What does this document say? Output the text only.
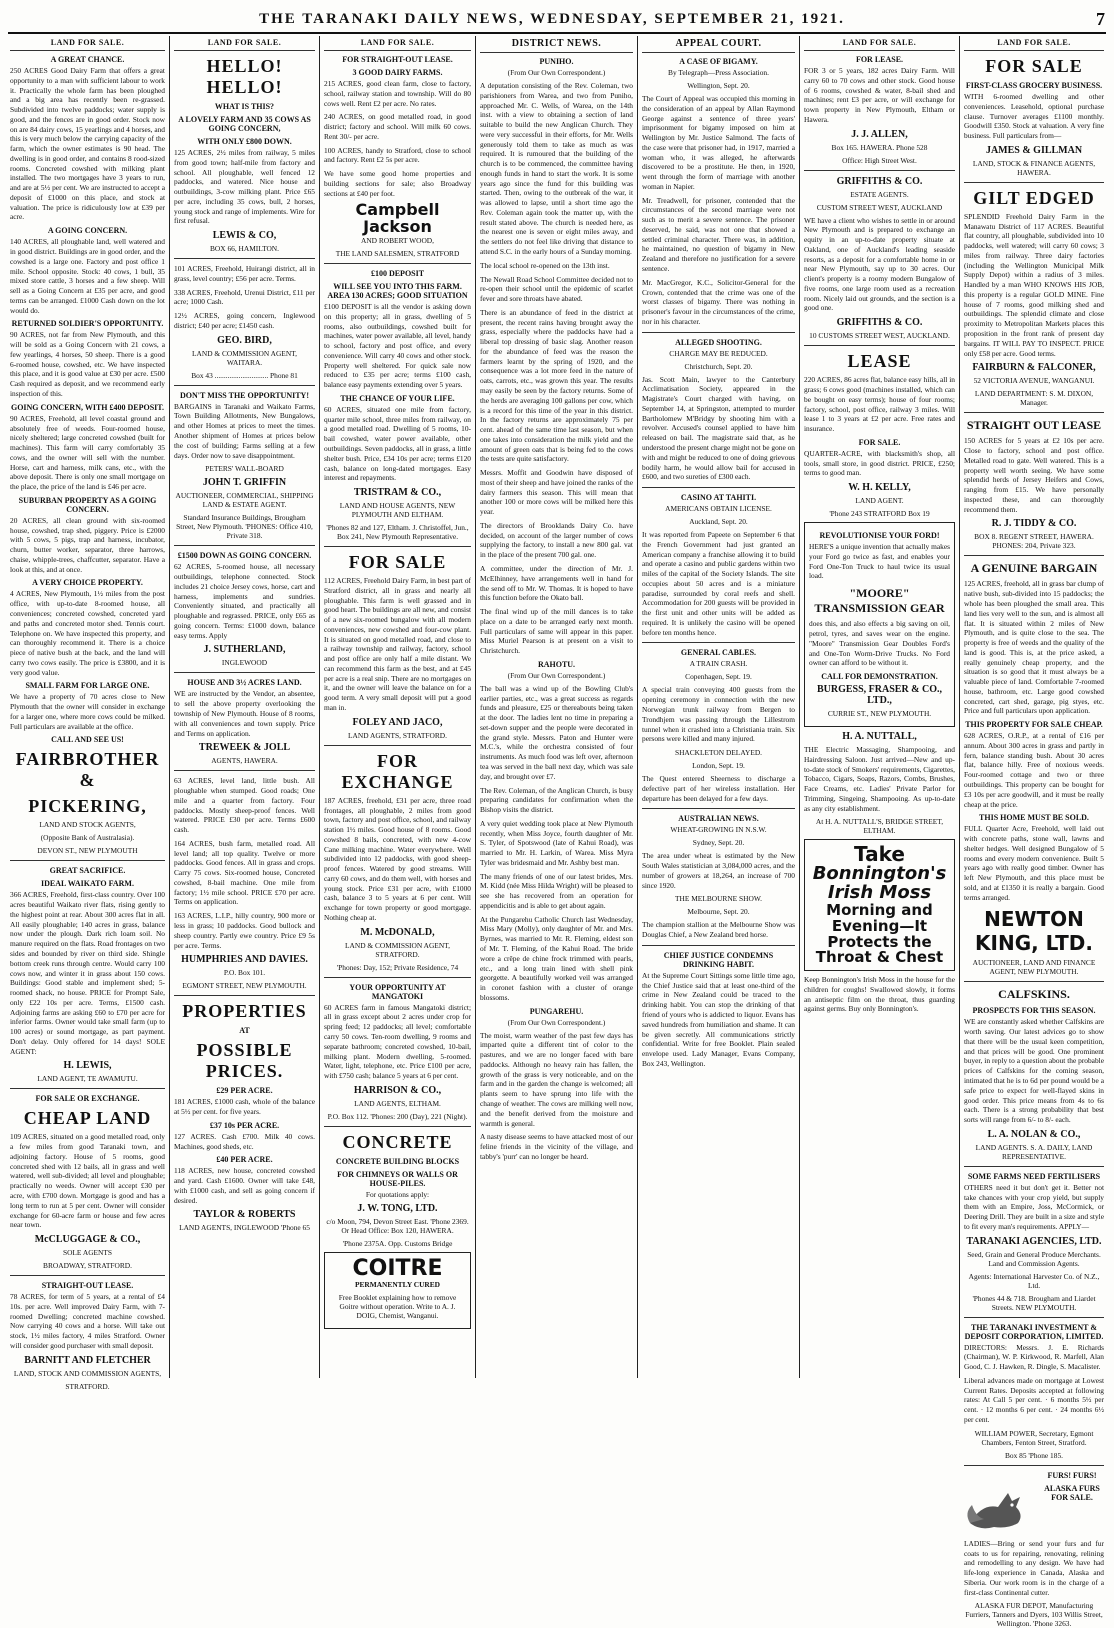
THE TARANAKI DAILY NEWS, WEDNESDAY, SEPTEMBER 21, 1921.	7
LAND FOR SALE.
A GREAT CHANCE.

250 ACRES Good Dairy Farm that offers a great opportunity to a man with sufficient labour to work it. Practically the whole farm has been ploughed and a big area has recently been re-grassed. Subdivided into twelve paddocks; water supply is good, and the fences are in good order. Stock now on are 84 dairy cows, 15 yearlings and 4 horses, and this is very much below the carrying capacity of the farm, which the owner estimates is 90 head. The dwelling is in good order, and contains 8 rood-sized rooms. Concreted cowshed with milking plant installed. The two mortgages have 3 years to run, and are at 5½ per cent. We are instructed to accept a deposit of £1000 on this place, and stock at valuation. The price is ridiculously low at £39 per acre.

A GOING CONCERN.

140 ACRES, all ploughable land, well watered and in good district. Buildings are in good order, and the cowshed is a large one. Factory and post office 1 mile. School opposite. Stock: 40 cows, 1 bull, 35 mixed store cattle, 3 horses and a few sheep. Will sell as a Going Concern at £35 per acre, and good terms can be arranged. £1000 Cash down on the lot would do.

RETURNED SOLDIER'S OPPORTUNITY.

90 ACRES, not far from New Plymouth, and this will be sold as a Going Concern with 21 cows, a few yearlings, 4 horses, 50 sheep. There is a good 6-roomed house, cowshed, etc. We have inspected this place, and it is good value at £30 per acre. £500 Cash required as deposit, and we recommend early inspection of this.

GOING CONCERN, WITH £400 DEPOSIT.

90 ACRES, Freehold, all level coastal ground and absolutely free of weeds. Four-roomed house, nicely sheltered; large concreted cowshed (built for machines). This farm will carry comfortably 35 cows, and the owner will sell with the number. Horse, cart and harness, milk cans, etc., with the above deposit. There is only one small mortgage on the place, the price of the land is £46 per acre.

SUBURBAN PROPERTY AS A GOING CONCERN.

20 ACRES, all clean ground with six-roomed house, cowshed, trap shed, piggery. Price is £2000 with 5 cows, 5 pigs, trap and harness, incubator, churn, butter worker, separator, three harrows, chaise, whipple-trees, chaffcutter, separator. Have a look at this, and at once.

A VERY CHOICE PROPERTY.

4 ACRES, New Plymouth, 1½ miles from the post office, with up-to-date 8-roomed house, all conveniences; concreted cowshed, concreted yard and paths and concreted motor shed. Tennis court. Telephone on. We have inspected this property, and can thoroughly recommend it. There is a choice piece of native bush at the back, and the land will carry two cows easily. The price is £3800, and it is very good value.

SMALL FARM FOR LARGE ONE.

We have a property of 70 acres close to New Plymouth that the owner will consider in exchange for a larger one, where more cows could be milked. Full particulars are available at the office.

CALL AND SEE US!
FAIRBROTHER &
PICKERING,
LAND AND STOCK AGENTS,
(Opposite Bank of Australasia).
DEVON ST., NEW PLYMOUTH
GREAT SACRIFICE.
IDEAL WAIKATO FARM.

366 ACRES, Freehold, first-class country. Over 100 acres beautiful Waikato river flats, rising gently to the highest point at rear. About 300 acres flat in all. All easily ploughable; 140 acres in grass, balance now under the plough. Dark rich loam soil. No manure required on the flats. Road frontages on two sides and bounded by river on third side. Shingle bottom creek runs through centre. Would carry 100 cows now, and winter it in grass about 150 cows. Buildings: Good stable and implement shed; 5-roomed shack, no house. PRICE for Prompt Sale, only £22 10s per acre. Terms, £1500 cash. Adjoining farms are asking £60 to £70 per acre for inferior farms. Owner would take small farm (up to 100 acres) or sound mortgage, as part payment. Don't delay. Only offered for 14 days! SOLE AGENT:

H. LEWIS,
LAND AGENT, TE AWAMUTU.
FOR SALE OR EXCHANGE.
CHEAP LAND

109 ACRES, situated on a good metalled road, only a few miles from good Taranaki town, and adjoining factory. House of 5 rooms, good concreted shed with 12 bails, all in grass and well watered, well sub-divided; all level and ploughable; practically no weeds. Owner will accept £30 per acre, with £700 down. Mortgage is good and has a long term to run at 5 per cent. Owner will consider exchange for 60-acre farm or house and few acres near town.

McCLUGGAGE & CO.,
SOLE AGENTS
BROADWAY, STRATFORD.
STRAIGHT-OUT LEASE.

78 ACRES, for term of 5 years, at a rental of £4 10s. per acre. Well improved Dairy Farm, with 7-roomed Dwelling; concreted machine cowshed. Now carrying 40 cows and a horse. Will take out stock, 1½ miles factory, 4 miles Stratford. Owner will consider good purchaser with small deposit.

BARNITT AND FLETCHER
LAND, STOCK AND COMMISSION AGENTS,
STRATFORD.
LAND FOR SALE.
HELLO! HELLO!
WHAT IS THIS?
A LOVELY FARM AND 35 COWS AS GOING CONCERN,
WITH ONLY £800 DOWN.

125 ACRES, 2½ miles from railway, 5 miles from good town; half-mile from factory and school. All ploughable, well fenced 12 paddocks, and watered. Nice house and outbuildings, 3-cow milking plant. Price £65 per acre, including 35 cows, bull, 2 horses, young stock and range of implements. Wire for first refusal.

LEWIS & CO,
BOX 66, HAMILTON.

101 ACRES, Freehold, Huirangi district, all in grass, level country; £56 per acre. Terms.

338 ACRES, Freehold, Urenui District, £11 per acre; 1000 Cash.

12½ ACRES, going concern, Inglewood district; £40 per acre; £1450 cash.

GEO. BIRD,
LAND & COMMISSION AGENT, WAITARA.
Box 43 ............................. Phone 81
DON'T MISS THE OPPORTUNITY!

BARGAINS in Taranaki and Waikato Farms, Town Building Allotments, New Bungalows, and other Homes at prices to meet the times. Another shipment of Homes at prices below the cost of building; Farms selling at a few days. Order now to save disappointment.

PETERS' WALL-BOARD
JOHN T. GRIFFIN
AUCTIONEER, COMMERCIAL, SHIPPING LAND & ESTATE AGENT.
Standard Insurance Buildings, Brougham Street, New Plymouth. 'PHONES: Office 410, Private 318.
£1500 DOWN AS GOING CONCERN.

62 ACRES, 5-roomed house, all necessary outbuildings, telephone connected. Stock includes 21 choice Jersey cows, horse, cart and harness, implements and sundries. Conveniently situated, and practically all ploughable and regrassed. PRICE, only £65 as going concern. Terms: £1000 down, balance easy terms. Apply

J. SUTHERLAND,
INGLEWOOD
HOUSE AND 3½ ACRES LAND.

WE are instructed by the Vendor, an absentee, to sell the above property overlooking the township of New Plymouth. House of 8 rooms, with all conveniences and town supply. Price and Terms on application.

TREWEEK & JOLL
AGENTS, HAWERA.

63 ACRES, level land, little bush. All ploughable when stumped. Good roads; One mile and a quarter from factory. Four paddocks. Mostly sheep-proof fences. Well watered. PRICE £30 per acre. Terms £600 cash.

164 ACRES, bush farm, metalled road. All level land; all top quality. Twelve or more paddocks. Good fences. All in grass and crops. Carry 75 cows. Six-roomed house, Concreted cowshed, 8-bail machine. One mile from factory; 1½ mile school. PRICE £70 per acre. Terms on application.

163 ACRES, L.I.P., hilly country, 900 more or less in grass; 10 paddocks. Good bullock and sheep country. Partly ewe country. Price £9 5s per acre. Terms.

HUMPHRIES AND DAVIES.
P.O. Box 101.
EGMONT STREET, NEW PLYMOUTH.
PROPERTIES
AT
POSSIBLE PRICES.
£29 PER ACRE.

181 ACRES, £1000 cash, whole of the balance at 5½ per cent. for five years.

£37 10s PER ACRE.

127 ACRES. Cash £700. Milk 40 cows. Machines, good sheds, etc.

£40 PER ACRE.

118 ACRES, new house, concreted cowshed and yard. Cash £1600. Owner will take £48, with £1000 cash, and sell as going concern if desired.

TAYLOR & ROBERTS
LAND AGENTS, INGLEWOOD 'Phone 65
LAND FOR SALE.
FOR STRAIGHT-OUT LEASE.
3 GOOD DAIRY FARMS.

215 ACRES, good clean farm, close to factory, school, railway station and township. Will do 80 cows well. Rent £2 per acre. No rates.

240 ACRES, on good metalled road, in good district; factory and school. Will milk 60 cows. Rent 30/- per acre.

100 ACRES, handy to Stratford, close to school and factory. Rent £2 5s per acre.

We have some good home properties and building sections for sale; also Broadway sections at £40 per foot.

Campbell Jackson
AND ROBERT WOOD,
THE LAND SALESMEN, STRATFORD
£100 DEPOSIT
WILL SEE YOU INTO THIS FARM. AREA 130 ACRES; GOOD SITUATION

£100 DEPOSIT is all the vendor is asking down on this property; all in grass, dwelling of 5 rooms, also outbuildings, cowshed built for machines, water power available, all level, handy to school, factory and post office, and every convenience. Will carry 40 cows and other stock. Property well sheltered. For quick sale now reduced to £35 per acre; terms £100 cash, balance easy payments extending over 5 years.

THE CHANCE OF YOUR LIFE.

60 ACRES, situated one mile from factory, quarter mile school, three miles from railway, on a good metalled road. Dwelling of 5 rooms, 10-bail cowshed, water power available, other outbuildings. Seven paddocks, all in grass, a little shelter bush. Price, £34 10s per acre; terms £120 cash, balance on long-dated mortgages. Easy interest and repayments.

TRISTRAM & CO.,
LAND AND HOUSE AGENTS, NEW PLYMOUTH AND ELTHAM.
'Phones 82 and 127, Eltham. J. Christoffel, Jun., Box 241, New Plymouth Representative.
FOR SALE

112 ACRES, Freehold Dairy Farm, in best part of Stratford district, all in grass and nearly all ploughable. This farm is well grassed and in good heart. The buildings are all new, and consist of a new six-roomed bungalow with all modern conveniences, new cowshed and four-cow plant. It is situated on good metalled road, and close to a railway township and railway, factory, school and post office are only half a mile distant. We can recommend this farm as the best, and at £45 per acre is a real snip. There are no mortgages on it, and the owner will leave the balance on for a good term. A very small deposit will put a good man in.

FOLEY AND JACO,
LAND AGENTS, STRATFORD.
FOR EXCHANGE

187 ACRES, freehold, £31 per acre, three road frontages, all ploughable, 2 miles from good town, factory and post office, school, and railway station 1½ miles. Good house of 8 rooms. Good cowshed 8 bails, concreted, with new 4-cow Cane milking machine. Water everywhere. Well subdivided into 12 paddocks, with good sheep-proof fences. Watered by good streams. Will carry 60 cows, and do them well, with horses and young stock. Price £31 per acre, with £1000 cash, balance 3 to 5 years at 6 per cent. Will exchange for town property or good mortgage. Nothing cheap at.

M. McDONALD,
LAND & COMMISSION AGENT, STRATFORD.
'Phones: Day, 152; Private Residence, 74
YOUR OPPORTUNITY AT MANGATOKI

60 ACRES farm in famous Mangatoki district; all in grass except about 2 acres under crop for spring feed; 12 paddocks; all level; comfortable carry 50 cows. Ten-room dwelling, 9 rooms and separate bathroom; concreted cowshed, 10-bail, milking plant. Modern dwelling, 5-roomed. Water, light, telephone, etc. Price £100 per acre, with £750 cash; balance 5 years at 6 per cent.

HARRISON & CO.,
LAND AGENTS, ELTHAM.
P.O. Box 112. 'Phones: 200 (Day), 221 (Night).
CONCRETE
CONCRETE BUILDING BLOCKS
FOR CHIMNEYS OR WALLS OR HOUSE-PILES.
For quotations apply:
J. W. TONG, LTD.
c/o Moon, 794, Devon Street East. 'Phone 2369. Or Head Office: Box 120, HAWERA.
'Phone 2375A. Opp. Customs Bridge
COITRE
PERMANENTLY CURED
Free Booklet explaining how to remove Goitre without operation. Write to A. J. DOIG, Chemist, Wanganui.
DISTRICT NEWS.
PUNIHO.
(From Our Own Correspondent.)

A deputation consisting of the Rev. Coleman, two parishioners from Warea, and two from Puniho, approached Mr. C. Wells, of Warea, on the 14th inst. with a view to obtaining a section of land suitable to build the new Anglican Church. They were very successful in their efforts, for Mr. Wells generously told them to take as much as was required. It is rumoured that the building of the church is to be commenced, the committee having enough funds in hand to start the work. It is some years ago since the fund for this building was started. Then, owing to the outbreak of the war, it was allowed to lapse, until a short time ago the Rev. Coleman again took the matter up, with the result stated above. The church is needed here, as the nearest one is seven or eight miles away, and the settlers do not feel like driving that distance to attend S.C. in the early hours of a Sunday morning.

The local school re-opened on the 13th inst.

The Newall Road School Committee decided not to re-open their school until the epidemic of scarlet fever and sore throats have abated.

There is an abundance of feed in the district at present, the recent rains having brought away the grass, especially where the paddocks have had a liberal top dressing of basic slag. Another reason for the abundance of feed was the reason the farmers learnt by the spring of 1920, and the consequence was a lot more feed in the nature of oats, carrots, etc., was grown this year. The results may easily be seen by the factory returns. Some of the herds are averaging 100 gallons per cow, which is a record for this time of the year in this district. In the factory returns are approximately 75 per cent. ahead of the same time last season, but when one takes into consideration the milk yield and the amount of green oats that is being fed to the cows the tests are quite satisfactory.

Messrs. Moffit and Goodwin have disposed of most of their sheep and have joined the ranks of the dairy farmers this season. This will mean that another 100 or more cows will be milked here this year.

The directors of Brooklands Dairy Co. have decided, on account of the larger number of cows supplying the factory, to install a new 800 gal. vat in the place of the present 700 gal. one.

A committee, under the direction of Mr. J. McElhinney, have arrangements well in hand for the send off to Mr. W. Thomas. It is hoped to have this function before the Okato ball.

The final wind up of the mill dances is to take place on a date to be arranged early next month. Full particulars of same will appear in this paper. Miss Muriel Pearson is at present on a visit to Christchurch.

RAHOTU.
(From Our Own Correspondent.)

The ball was a wind up of the Bowling Club's earlier parties, etc., was a great success as regards funds and pleasure, £25 or thereabouts being taken at the door. The ladies lent no time in preparing a set-down supper and the people were decorated in the grand style. Messrs. Paton and Hunter were M.C.'s, while the orchestra consisted of four instruments. As much food was left over, afternoon tea was served in the ball next day, which was sale day, and brought over £7.

The Rev. Coleman, of the Anglican Church, is busy preparing candidates for confirmation when the Bishop visits the district.

A very quiet wedding took place at New Plymouth recently, when Miss Joyce, fourth daughter of Mr. S. Tyler, of Spotswood (late of Kahui Road), was married to Mr. H. Larkin, of Warea. Miss Myra Tyler was bridesmaid and Mr. Ashby best man.

The many friends of one of our latest brides, Mrs. M. Kidd (née Miss Hilda Wright) will be pleased to see she has recovered from an operation for appendicitis and is able to get about again.

At the Pungarehu Catholic Church last Wednesday, Miss Mary (Molly), only daughter of Mr. and Mrs. Byrnes, was married to Mr. R. Fleming, eldest son of Mr. T. Fleming, of the Kahui Road. The bride wore a crêpe de chine frock trimmed with pearls, etc., and a long train lined with shell pink georgette. A beautifully worked veil was arranged in coronet fashion with a cluster of orange blossoms.

PUNGAREHU.
(From Our Own Correspondent.)

The moist, warm weather of the past few days has imparted quite a different tint of color to the pastures, and we are no longer faced with bare paddocks. Although no heavy rain has fallen, the growth of the grass is very noticeable, and on the farm and in the garden the change is welcomed; all plants seem to have sprung into life with the change of weather. The cows are milking well now, and the benefit derived from the moisture and warmth is general.

A nasty disease seems to have attacked most of our feline friends in the vicinity of the village, and tabby's 'purr' can no longer be heard.

APPEAL COURT.
A CASE OF BIGAMY.
By Telegraph—Press Association.
Wellington, Sept. 20.

The Court of Appeal was occupied this morning in the consideration of an appeal by Allan Raymond George against a sentence of three years' imprisonment for bigamy imposed on him at Wellington by Mr. Justice Salmond. The facts of the case were that prisoner had, in 1917, married a woman who, it was alleged, he afterwards discovered to be a prostitute. He then, in 1920, went through the form of marriage with another woman in Napier.

Mr. Treadwell, for prisoner, contended that the circumstances of the second marriage were not such as to merit a severe sentence. The prisoner deserved, he said, was not one that showed a settled criminal character. There was, in addition, he maintained, no question of bigamy in New Zealand and therefore no justification for a severe sentence.

Mr. MacGregor, K.C., Solicitor-General for the Crown, contended that the crime was one of the worst classes of bigamy. There was nothing in prisoner's favour in the circumstances of the crime, nor in his character.

ALLEGED SHOOTING.
CHARGE MAY BE REDUCED.
Christchurch, Sept. 20.

Jas. Scott Main, lawyer to the Canterbury Acclimatisation Society, appeared in the Magistrate's Court charged with having, on September 14, at Springston, attempted to murder Bartholomew M'Bridgy by shooting him with a revolver. Accused's counsel applied to have him released on bail. The magistrate said that, as he understood the present charge might not be gone on with and might be reduced to one of doing grievous bodily harm, he would allow bail for accused in £600, and two sureties of £300 each.

CASINO AT TAHITI.
AMERICANS OBTAIN LICENSE.
Auckland, Sept. 20.

It was reported from Papeete on September 6 that the French Government had just granted an American company a franchise allowing it to build and operate a casino and public gardens within two miles of the capital of the Society Islands. The site occupies about 50 acres and is a miniature paradise, surrounded by coral reefs and shell. Accommodation for 200 guests will be provided in the first unit and other units will be added as required. It is unlikely the casino will be opened before ten months hence.

GENERAL CABLES.
A TRAIN CRASH.
Copenhagen, Sept. 19.

A special train conveying 400 guests from the opening ceremony in connection with the new Norwegian trunk railway from Bergen to Trondhjem was passing through the Lillestrom tunnel when it crashed into a Christiania train. Six persons were killed and many injured.

SHACKLETON DELAYED.
London, Sept. 19.

The Quest entered Sheerness to discharge a defective part of her wireless installation. Her departure has been delayed for a few days.

AUSTRALIAN NEWS.
WHEAT-GROWING IN N.S.W.
Sydney, Sept. 20.

The area under wheat is estimated by the New South Wales statistician at 3,084,000 acres, and the number of growers at 18,264, an increase of 700 since 1920.

THE MELBOURNE SHOW.
Melbourne, Sept. 20.

The champion stallion at the Melbourne Show was Douglas Chief, a New Zealand bred horse.

CHIEF JUSTICE CONDEMNS DRINKING HABIT.

At the Supreme Court Sittings some little time ago, the Chief Justice said that at least one-third of the crime in New Zealand could be traced to the drinking habit. You can stop the drinking of that friend of yours who is addicted to liquor. Evans has saved hundreds from humiliation and shame. It can be given secretly. All communications strictly confidential. Write for free Booklet. Plain sealed envelope used. Lady Manager, Evans Company, Box 243, Wellington.

LAND FOR SALE.
FOR LEASE.

FOR 3 or 5 years, 182 acres Dairy Farm. Will carry 60 to 70 cows and other stock. Good house of 6 rooms, cowshed & water, 8-bail shed and machines; rent £3 per acre, or will exchange for town property in New Plymouth, Eltham or Hawera.

J. J. ALLEN,
Box 165. HAWERA. Phone 528
Office: High Street West.
GRIFFITHS & CO.
ESTATE AGENTS.
CUSTOM STREET WEST, AUCKLAND

WE have a client who wishes to settle in or around New Plymouth and is prepared to exchange an equity in an up-to-date property situate at Oakland, one of Auckland's leading seaside resorts, as a deposit for a comfortable home in or near New Plymouth, say up to 30 acres. Our client's property is a roomy modern Bungalow of five rooms, one large room used as a recreation room. Nicely laid out grounds, and the section is a good one.

GRIFFITHS & CO.
10 CUSTOMS STREET WEST, AUCKLAND.
LEASE

220 ACRES, 86 acres flat, balance easy hills, all in grass; 6 cows good (machines installed, which can be bought on easy terms); house of four rooms; factory, school, post office, railway 3 miles. Will lease 1 to 3 years at £2 per acre. Free rates and insurance.

FOR SALE.

QUARTER-ACRE, with blacksmith's shop, all tools, small store, in good district. PRICE, £250; terms to good man.

W. H. KELLY,
LAND AGENT.
'Phone 243 STRATFORD Box 19
REVOLUTIONISE YOUR FORD!

HERE'S a unique invention that actually makes your Ford go twice as fast, and enables your Ford One-Ton Truck to haul twice its usual load.

"MOORE" TRANSMISSION GEAR

does this, and also effects a big saving on oil, petrol, tyres, and saves wear on the engine. "Moore" Transmission Gear Doubles Ford's and One-Ton Worm-Drive Trucks. No Ford owner can afford to be without it.

CALL FOR DEMONSTRATION.
BURGESS, FRASER & CO., LTD.,
CURRIE ST., NEW PLYMOUTH.
H. A. NUTTALL,

THE Electric Massaging, Shampooing, and Hairdressing Saloon. Just arrived—New and up-to-date stock of Smokers' requirements, Cigarettes, Tobacco, Cigars, Soaps, Razors, Combs, Brushes, Face Creams, etc. Ladies' Private Parlor for Trimming, Singeing, Shampooing. As up-to-date as any city establishment.

At H. A. NUTTALL'S, BRIDGE STREET, ELTHAM.
Take
Bonnington's
Irish Moss
Morning and
Evening—It
Protects the
Throat & Chest

Keep Bonnington's Irish Moss in the house for the children for coughs! Swallowed slowly, it forms an antiseptic film on the throat, thus guarding against germs. Buy only Bonnington's.

LAND FOR SALE.
FOR SALE
FIRST-CLASS GROCERY BUSINESS.

WITH 6-roomed dwelling and other conveniences. Leasehold, optional purchase clause. Turnover averages £1100 monthly. Goodwill £350. Stock at valuation. A very fine business. Full particulars from—

JAMES & GILLMAN
LAND, STOCK & FINANCE AGENTS, HAWERA.
GILT EDGED

SPLENDID Freehold Dairy Farm in the Manawatu District of 117 ACRES. Beautiful flat country, all ploughable, subdivided into 10 paddocks, well watered; will carry 60 cows; 3 miles from railway. Three dairy factories (including the Wellington Municipal Milk Supply Depot) within a radius of 3 miles. Handled by a man WHO KNOWS HIS JOB, this property is a regular GOLD MINE. Fine house of 7 rooms, good milking shed and outbuildings. The splendid climate and close proximity to Metropolitan Markets places this proposition in the front rank of present day bargains. IT WILL PAY TO INSPECT. PRICE only £58 per acre. Good terms.

FAIRBURN & FALCONER,
52 VICTORIA AVENUE, WANGANUI.
LAND DEPARTMENT: S. M. DIXON, Manager.
STRAIGHT OUT LEASE

150 ACRES for 5 years at £2 10s per acre. Close to factory, school and post office. Metalled road to gate. Well watered. This is a property well worth seeing. We have some splendid herds of Jersey Heifers and Cows, ranging from £15. We have personally inspected these, and can thoroughly recommend them.

R. J. TIDDY & CO.
BOX 8. REGENT STREET, HAWERA. PHONES: 204, Private 323.
A GENUINE BARGAIN

125 ACRES, freehold, all in grass bar clump of native bush, sub-divided into 15 paddocks; the whole has been ploughed the small area. This land lies very well to the sun, and is almost all flat. It is situated within 2 miles of New Plymouth, and is quite close to the sea. The property is free of weeds and the quality of the land is good. This is, at the price asked, a really genuinely cheap property, and the situation is so good that it must always be a valuable piece of land. Comfortable 7-roomed house, bathroom, etc. Large good cowshed concreted, cart shed, garage, pig styes, etc. Price and full particulars upon application.

THIS PROPERTY FOR SALE CHEAP.

628 ACRES, O.R.P., at a rental of £16 per annum. About 300 acres in grass and partly in fern, balance standing bush. About 30 acres flat, balance hilly. Free of noxious weeds. Four-roomed cottage and two or three outbuildings. This property can be bought for £3 10s per acre goodwill, and it must be really cheap at the price.

THIS HOME MUST BE SOLD.

FULL Quarter Acre, Freehold, well laid out with concrete paths, stone wall, lawns and shelter hedges. Well designed Bungalow of 5 rooms and every modern convenience. Built 5 years ago with really good timber. Owner has left New Plymouth, and this place must be sold, and at £1350 it is really a bargain. Good terms arranged.

NEWTON KING, LTD.
AUCTIONEER, LAND AND FINANCE AGENT, NEW PLYMOUTH.
CALFSKINS.
PROSPECTS FOR THIS SEASON.

WE are constantly asked whether Calfskins are worth saving. Our latest advices go to show that there will be the usual keen competition, and that prices will be good. One prominent buyer, in reply to a question about the probable prices of Calfskins for the coming season, intimated that he is to 6d per pound would be a safe price to expect for well-flayed skins in good order. This price means from 4s to 6s each. There is a strong probability that best sorts will range from 6/- to 8/- each.

L. A. NOLAN & CO.,
LAND AGENTS. S. A. DAILY, LAND REPRESENTATIVE.
SOME FARMS NEED FERTILISERS

OTHERS need it but don't get it. Better not take chances with your crop yield, but supply them with an Empire, Joss, McCormick, or Deering Drill. They are built in a size and style to fit every man's requirements. APPLY—

TARANAKI AGENCIES, LTD.
Seed, Grain and General Produce Merchants. Land and Commission Agents.
Agents: International Harvester Co. of N.Z., Ltd.
'Phones 44 & 718. Brougham and Liardet Streets. NEW PLYMOUTH.
THE TARANAKI INVESTMENT & DEPOSIT CORPORATION, LIMITED.

DIRECTORS: Messrs. J. E. Richards (Chairman), W. P. Kirkwood, R. Marfell, Alan Good, C. J. Hawken, R. Dingle, S. Macalister.

Liberal advances made on mortgage at Lowest Current Rates. Deposits accepted at following rates: At Call 5 per cent. · 6 months 5½ per cent. · 12 months 6 per cent. · 24 months 6½ per cent.

WILLIAM POWER, Secretary, Egmont Chambers, Fenton Street, Stratford.
Box 85 'Phone 185.
FURS! FURS!
ALASKA FURS FOR SALE.

LADIES—Bring or send your furs and fur coats to us for repairing, renovating, relining and remodelling to any design. We have had life-long experience in Canada, Alaska and Siberia. Our work room is in the charge of a first-class Continental cutter.

ALASKA FUR DEPOT, Manufacturing Furriers, Tanners and Dyers, 103 Willis Street, Wellington. 'Phone 3263.
